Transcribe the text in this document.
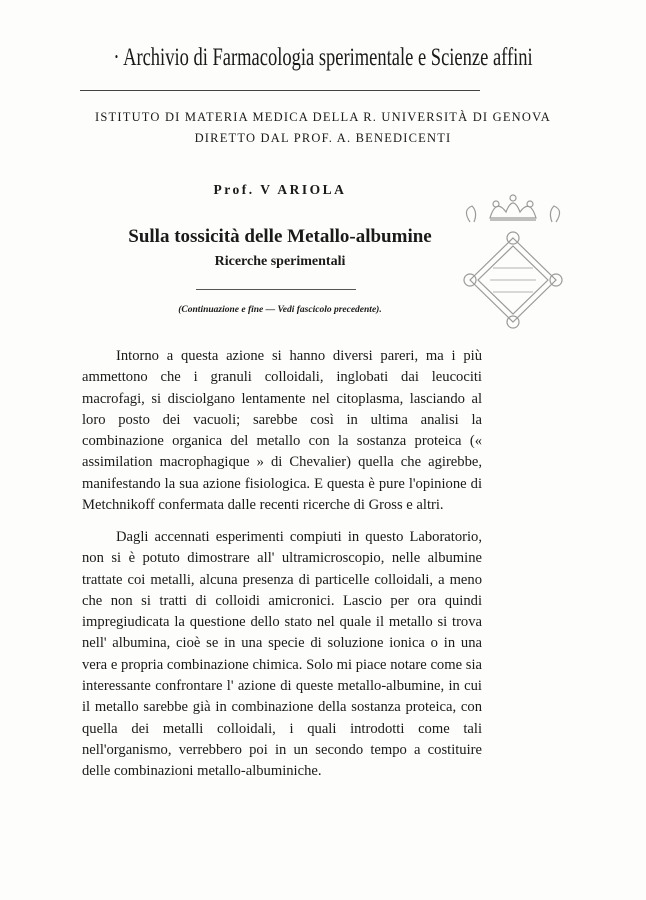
· Archivio di Farmacologia sperimentale e Scienze affini
ISTITUTO DI MATERIA MEDICA DELLA R. UNIVERSITÀ DI GENOVA
DIRETTO DAL PROF. A. BENEDICENTI
Prof. V ARIOLA
Sulla tossicità delle Metallo-albumine
Ricerche sperimentali
(Continuazione e fine — Vedi fascicolo precedente).

Intorno a questa azione si hanno diversi pareri, ma i più ammettono che i granuli colloidali, inglobati dai leucociti macrofagi, si disciolgano lentamente nel citoplasma, lasciando al loro posto dei vacuoli; sarebbe così in ultima analisi la combinazione organica del metallo con la sostanza proteica (« assimilation macrophagique » di Chevalier) quella che agirebbe, manifestando la sua azione fisiologica. E questa è pure l'opinione di Metchnikoff confermata dalle recenti ricerche di Gross e altri.

Dagli accennati esperimenti compiuti in questo Laboratorio, non si è potuto dimostrare all' ultramicroscopio, nelle albumine trattate coi metalli, alcuna presenza di particelle colloidali, a meno che non si tratti di colloidi amicronici. Lascio per ora quindi impregiudicata la questione dello stato nel quale il metallo si trova nell' albumina, cioè se in una specie di soluzione ionica o in una vera e propria combinazione chimica. Solo mi piace notare come sia interessante confrontare l' azione di queste metallo-albumine, in cui il metallo sarebbe già in combinazione della sostanza proteica, con quella dei metalli colloidali, i quali introdotti come tali nell'organismo, verrebbero poi in un secondo tempo a costituire delle combinazioni metallo-albuminiche.
